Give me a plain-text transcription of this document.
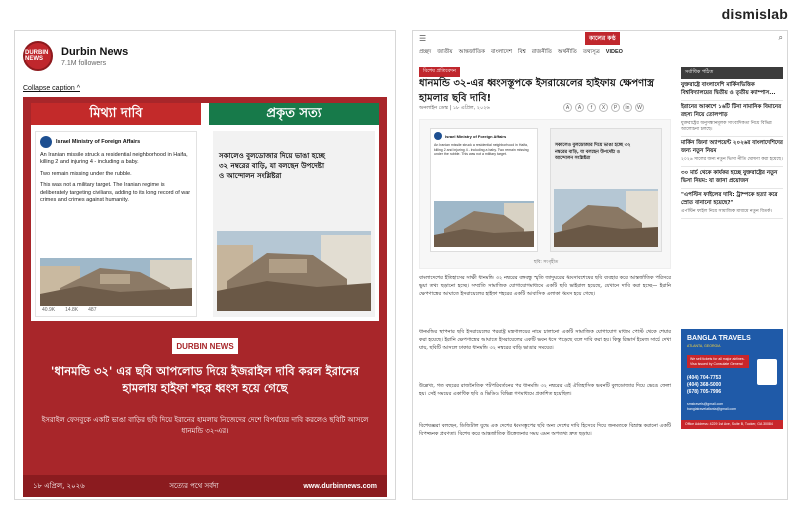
dismislab
DURBIN NEWS
Durbin News
7.1M followers
Collapse caption ^
মিথ্যা দাবি	প্রকৃত সত্য
Israel Ministry of Foreign Affairs
An Iranian missile struck a residential neighborhood in Haifa, killing 2 and injuring 4 - including a baby.
Two remain missing under the rubble.
This was not a military target. The Iranian regime is deliberately targeting civilians, adding to its long record of war crimes and crimes against humanity.
40.9K 14.8K 487
সকালেও বুলডোজার দিয়ে ভাঙা হচ্ছে ৩২ নম্বরের বাড়ি, যা বলছেন উপদেষ্টা ও আন্দোলন সংশ্লিষ্টরা
DURBIN NEWS
'ধানমন্ডি ৩২' এর ছবি আপলোড দিয়ে ইজরাইল দাবি করল ইরানের হামলায় হাইফা শহর ধ্বংস হয়ে গেছে
ইসরাইল ফেসবুকে একটি ভাঙা বাড়ির ছবি দিয়ে ইরানের হামলায় নিজেদের দেশে বিপর্যয়ের দাবি করলেও ছবিটি আসলে ধানমন্ডি ৩২-এর।
১৮ এপ্রিল, ২০২৬	সত্যের পথে সর্বদা	www.durbinnews.com
☰	কালের কণ্ঠ	⌕
প্রচ্ছদ জাতীয় আন্তর্জাতিক বাংলাদেশ বিশ্ব রাজনীতি অর্থনীতি তথ্যসূত্র VIDEO
বিশেষ প্রতিবেদন
ধানমন্ডি ৩২-এর ধ্বংসস্তূপকে ইসরায়েলের হাইফায় ক্ষেপণাস্ত্র হামলার ছবি দাবি!
অনলাইন ডেস্ক | ১৮ এপ্রিল, ২০২৬	A	A	f	X	P	in	W
Israel Ministry of Foreign Affairs
An Iranian missile struck a residential neighborhood in Haifa, killing 2 and injuring 4 - including a baby. Two remain missing under the rubble. This was not a military target.
সকালেও বুলডোজার দিয়ে ভাঙা হচ্ছে ৩২ নম্বরের বাড়ি, যা বলছেন উপদেষ্টা ও আন্দোলন সংশ্লিষ্টরা
ছবি: সংগৃহীত
বাংলাদেশের ইতিহাসের সাক্ষী ধানমন্ডি ৩২ নম্বরের বঙ্গবন্ধু স্মৃতি জাদুঘরের ধ্বংসাবশেষের ছবি ব্যবহার করে আন্তর্জাতিক পরিসরে ভুয়া তথ্য ছড়ানো হচ্ছে। সম্প্রতি সামাজিক যোগাযোগমাধ্যমে একটি ছবি ভাইরাল হয়েছে, যেখানে দাবি করা হচ্ছে— ইরানি ক্ষেপণাস্ত্রের আঘাতে ইসরায়েলের হাইফা শহরের একটি আবাসিক এলাকা ধ্বংস হয়ে গেছে।
ধানমন্ডির স্থাপনার ছবি ইসরায়েলের পররাষ্ট্র মন্ত্রণালয়ের নামে চালানো একটি সামাজিক যোগাযোগ মাধ্যম পোস্ট থেকে শেয়ার করা হয়েছে। ইরানি ক্ষেপণাস্ত্রের আঘাতে ইসরায়েলের একটি ভবন ধসে পড়েছে বলে দাবি করা হয়। কিন্তু রিভার্স ইমেজ সার্চে দেখা যায়, ছবিটি আসলে ঢাকার ধানমন্ডি ৩২ নম্বরের বাড়ি ভাঙার সময়ের।
উল্লেখ্য, গত বছরের রাজনৈতিক পটপরিবর্তনের পর ধানমন্ডি ৩২ নম্বরের এই ঐতিহাসিক ভবনটি বুলডোজার দিয়ে ভেঙে ফেলা হয়। সেই সময়ের একাধিক ছবি ও ভিডিও বিভিন্ন গণমাধ্যমে প্রকাশিত হয়েছিল।
বিশেষজ্ঞরা বলছেন, ডিজিটাল যুদ্ধে এক দেশের ধ্বংসস্তূপের ছবি অন্য দেশের দাবি হিসেবে দিয়ে জনমতকে বিভ্রান্ত করানো একটি বিপজ্জনক প্রবণতা। বিশেষ করে আন্তর্জাতিক উত্তেজনার সময় এমন অপতথ্য দ্রুত ছড়ায়।
সর্বাধিক পঠিত
যুক্তরাষ্ট্রে বাংলাদেশি মার্কিনভিত্তিক বিশ্ববিদ্যালয়ের দ্বিতীয় ও তৃতীয় ক্যাম্পাস...
ইরানের আকাশে ১৬টি টিনা নামানিক বিমানের রহস্য নিয়ে তোলপাড়
যুক্তরাষ্ট্রের অনুসন্ধানমূলক সাংবাদিকতা নিয়ে বিভিন্ন আলোচনা চলছে।
মার্কিন জিনা অ্যাপয়েন্ট ২০২৬র বাংলাদেশিদের জন্য নতুন নিয়ম
২০২৬ সালের জন্য নতুন ভিসা নীতি ঘোষণা করা হয়েছে।
৩০ মার্চ থেকে কার্যকর হচ্ছে যুক্তরাষ্ট্রের নতুন ভিসা নিয়ম: যা জানা প্রয়োজন
"এপস্টিন ফাইলের দাবি: ট্রাম্পকে হত্যা করে স্রোত বানানো হয়েছে?"
এপস্টিন ফাইল নিয়ে সামাজিক মাধ্যমে নতুন বিতর্ক।
BANGLA TRAVELS
ATLANTA, GEORGIA
We sell tickets for all major airlines. Visa issued by Consulate General
(404) 704-7753
(404) 368-5000
(678) 705-7996
smstravels@gmail.com
banglatravelatlanta@gmail.com
Office Address: 4229 1st Ave, Suite B, Tucker, GA 30084
